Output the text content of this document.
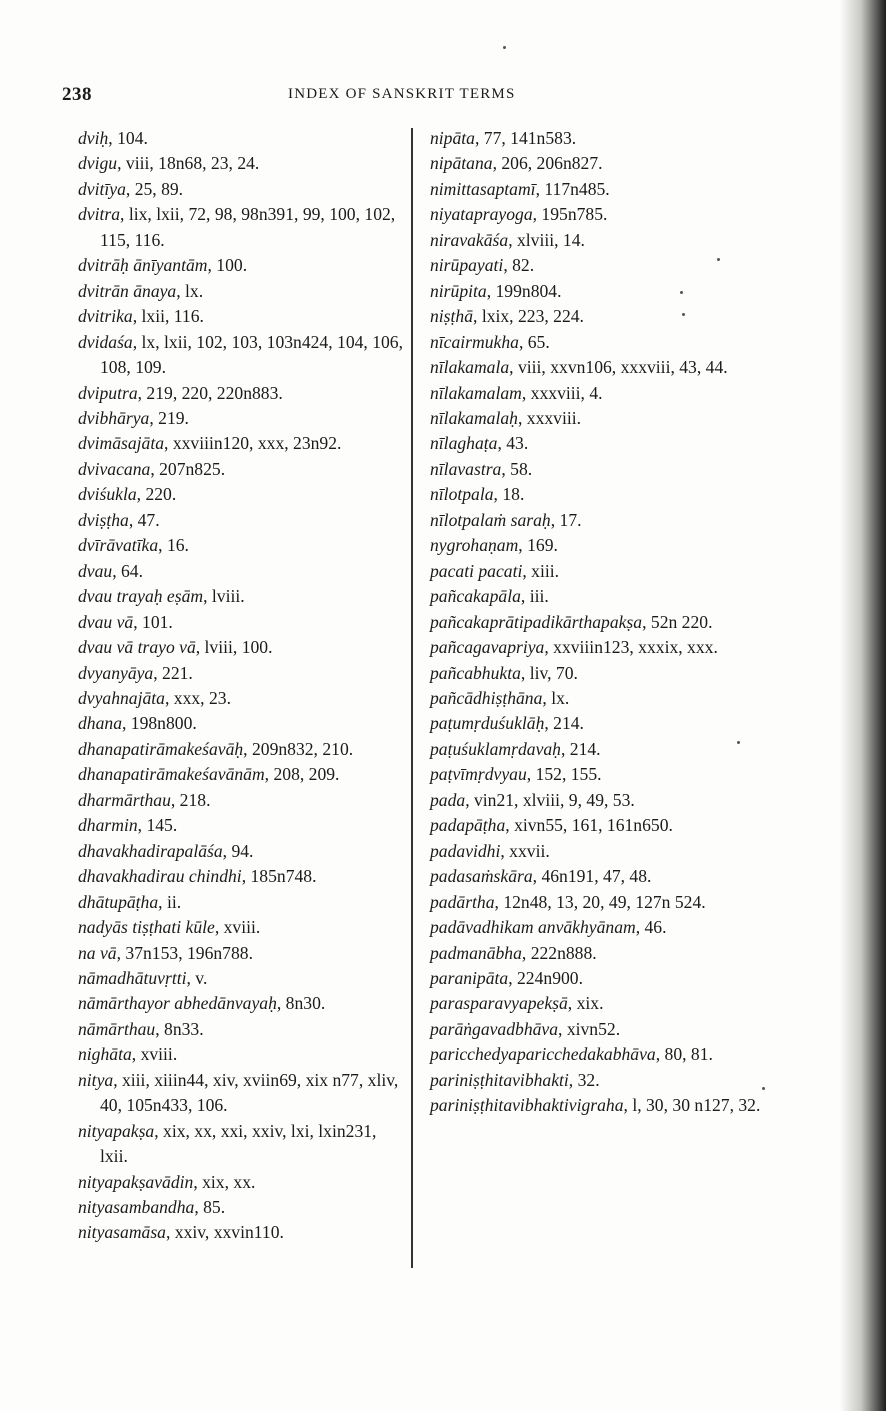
238	INDEX OF SANSKRIT TERMS
dviḥ, 104.
dvigu, viii, 18n68, 23, 24.
dvitīya, 25, 89.
dvitra, lix, lxii, 72, 98, 98n391, 99, 100, 102, 115, 116.
dvitrāḥ ānīyantām, 100.
dvitrān ānaya, lx.
dvitrika, lxii, 116.
dvidaśa, lx, lxii, 102, 103, 103n424, 104, 106, 108, 109.
dviputra, 219, 220, 220n883.
dvibhārya, 219.
dvimāsajāta, xxviiin120, xxx, 23n92.
dvivacana, 207n825.
dviśukla, 220.
dviṣṭha, 47.
dvīrāvatīka, 16.
dvau, 64.
dvau trayaḥ eṣām, lviii.
dvau vā, 101.
dvau vā trayo vā, lviii, 100.
dvyanyāya, 221.
dvyahnajāta, xxx, 23.
dhana, 198n800.
dhanapatirāmakeśavāḥ, 209n832, 210.
dhanapatirāmakeśavānām, 208, 209.
dharmārthau, 218.
dharmin, 145.
dhavakhadirapalāśa, 94.
dhavakhadirau chindhi, 185n748.
dhātupāṭha, ii.
nadyās tiṣṭhati kūle, xviii.
na vā, 37n153, 196n788.
nāmadhātuvṛtti, v.
nāmārthayor abhedānvayaḥ, 8n30.
nāmārthau, 8n33.
nighāta, xviii.
nitya, xiii, xiiin44, xiv, xviin69, xix n77, xliv, 40, 105n433, 106.
nityapakṣa, xix, xx, xxi, xxiv, lxi, lxin231, lxii.
nityapakṣavādin, xix, xx.
nityasambandha, 85.
nityasamāsa, xxiv, xxvin110.
nipāta, 77, 141n583.
nipātana, 206, 206n827.
nimittasaptamī, 117n485.
niyataprayoga, 195n785.
niravakāśa, xlviii, 14.
nirūpayati, 82.
nirūpita, 199n804.
niṣṭhā, lxix, 223, 224.
nīcairmukha, 65.
nīlakamala, viii, xxvn106, xxxviii, 43, 44.
nīlakamalam, xxxviii, 4.
nīlakamalaḥ, xxxviii.
nīlaghaṭa, 43.
nīlavastra, 58.
nīlotpala, 18.
nīlotpalaṁ saraḥ, 17.
nygrohaṇam, 169.
pacati pacati, xiii.
pañcakapāla, iii.
pañcakaprātipadikārthapakṣa, 52n 220.
pañcagavapriya, xxviiin123, xxxix, xxx.
pañcabhukta, liv, 70.
pañcādhiṣṭhāna, lx.
paṭumṛduśuklāḥ, 214.
paṭuśuklamṛdavaḥ, 214.
paṭvīmṛdvyau, 152, 155.
pada, vin21, xlviii, 9, 49, 53.
padapāṭha, xivn55, 161, 161n650.
padavidhi, xxvii.
padasaṁskāra, 46n191, 47, 48.
padārtha, 12n48, 13, 20, 49, 127n 524.
padāvadhikam anvākhyānam, 46.
padmanābha, 222n888.
paranipāta, 224n900.
parasparavyapekṣā, xix.
parāṅgavadbhāva, xivn52.
paricchedyaparicchedakabhāva, 80, 81.
pariniṣṭhitavibhakti, 32.
pariniṣṭhitavibhaktivigraha, l, 30, 30 n127, 32.
